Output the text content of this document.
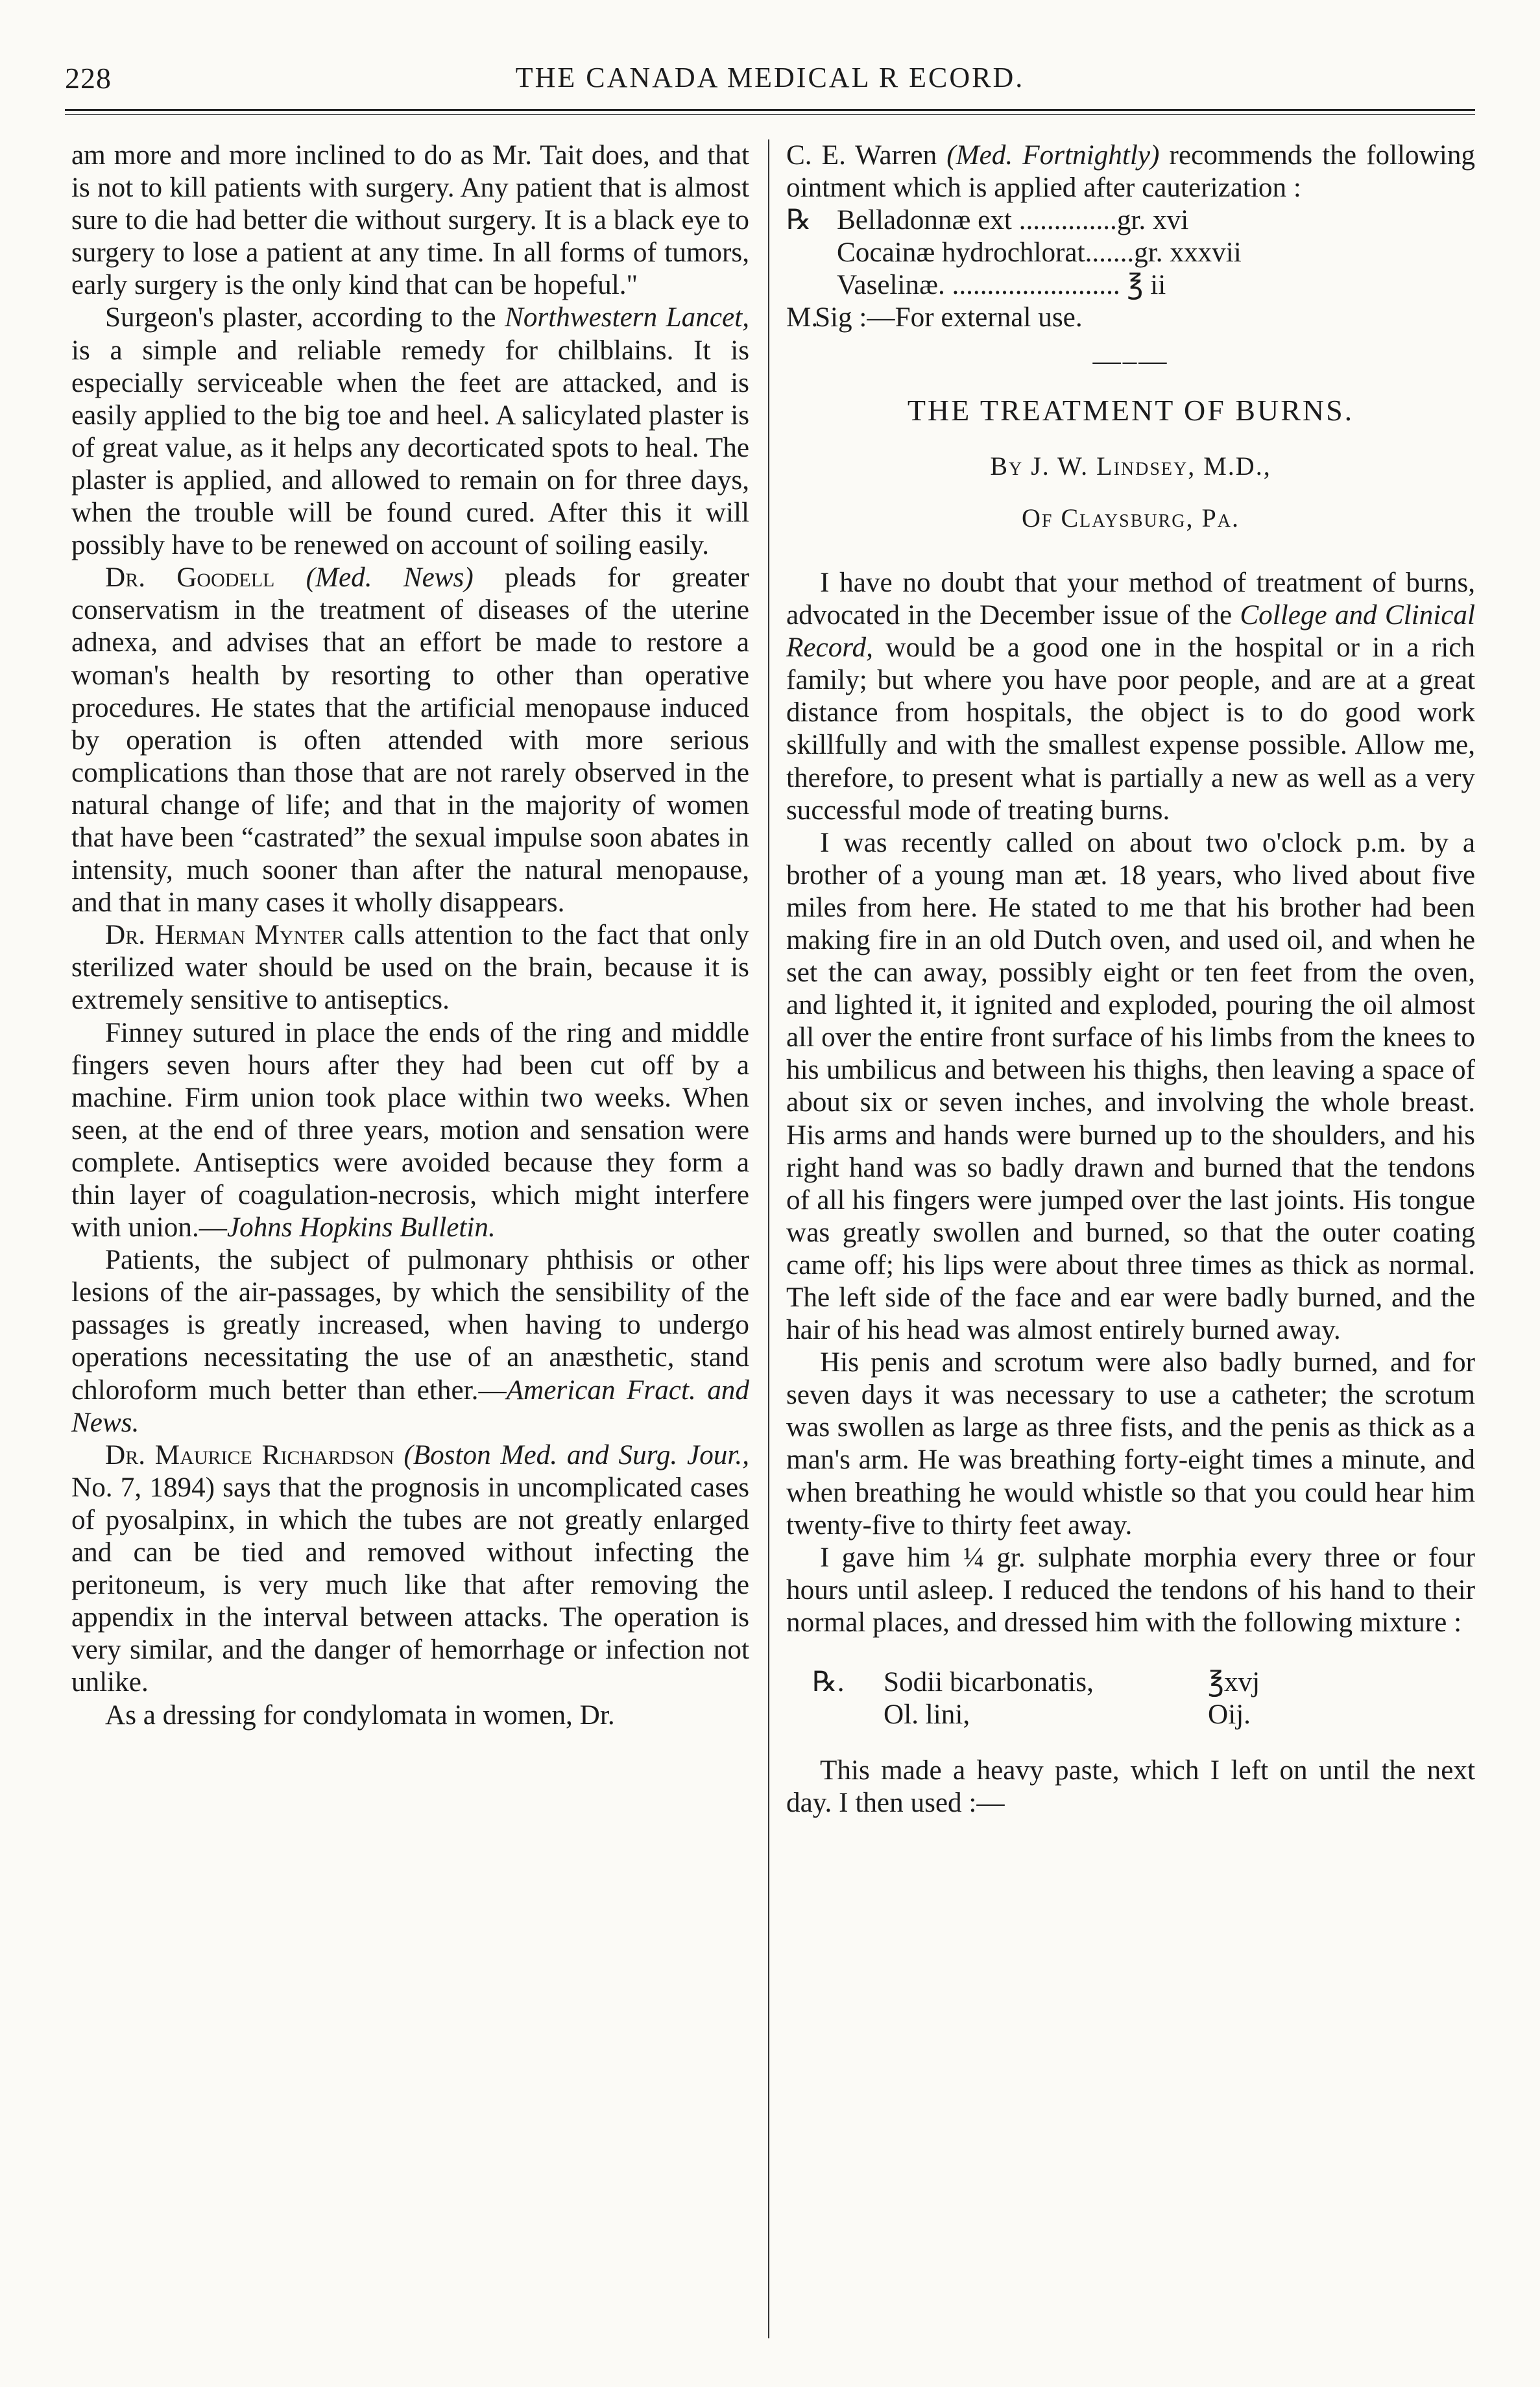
228	THE CANADA MEDICAL R ECORD.

am more and more inclined to do as Mr. Tait does, and that is not to kill patients with surgery. Any patient that is almost sure to die had better die without surgery. It is a black eye to surgery to lose a patient at any time. In all forms of tumors, early surgery is the only kind that can be hopeful."

Surgeon's plaster, according to the Northwestern Lancet, is a simple and reliable remedy for chilblains. It is especially serviceable when the feet are attacked, and is easily applied to the big toe and heel. A salicylated plaster is of great value, as it helps any decorticated spots to heal. The plaster is applied, and allowed to remain on for three days, when the trouble will be found cured. After this it will possibly have to be renewed on account of soiling easily.

Dr. Goodell (Med. News) pleads for greater conservatism in the treatment of diseases of the uterine adnexa, and advises that an effort be made to restore a woman's health by resorting to other than operative procedures. He states that the artificial menopause induced by operation is often attended with more serious complications than those that are not rarely observed in the natural change of life; and that in the majority of women that have been “castrated” the sexual impulse soon abates in intensity, much sooner than after the natural menopause, and that in many cases it wholly disappears.

Dr. Herman Mynter calls attention to the fact that only sterilized water should be used on the brain, because it is extremely sensitive to antiseptics.

Finney sutured in place the ends of the ring and middle fingers seven hours after they had been cut off by a machine. Firm union took place within two weeks. When seen, at the end of three years, motion and sensation were complete. Antiseptics were avoided because they form a thin layer of coagulation-necrosis, which might interfere with union.—Johns Hopkins Bulletin.

Patients, the subject of pulmonary phthisis or other lesions of the air-passages, by which the sensibility of the passages is greatly increased, when having to undergo operations necessitating the use of an anæsthetic, stand chloroform much better than ether.—American Fract. and News.

Dr. Maurice Richardson (Boston Med. and Surg. Jour., No. 7, 1894) says that the prognosis in uncomplicated cases of pyosalpinx, in which the tubes are not greatly enlarged and can be tied and removed without infecting the peritoneum, is very much like that after removing the appendix in the interval between attacks. The operation is very similar, and the danger of hemorrhage or infection not unlike.

As a dressing for condylomata in women, Dr.

C. E. Warren (Med. Fortnightly) recommends the following ointment which is applied after cauterization :

℞ Belladonnæ ext ..............gr. xvi
Cocainæ hydrochlorat.......gr. xxxvii
Vaselinæ. ........................ ℥ ii
M.
Sig :—For external use.
—–—
THE TREATMENT OF BURNS.
By J. W. Lindsey, M.D.,
Of Claysburg, Pa.

I have no doubt that your method of treatment of burns, advocated in the December issue of the College and Clinical Record, would be a good one in the hospital or in a rich family; but where you have poor people, and are at a great distance from hospitals, the object is to do good work skillfully and with the smallest expense possible. Allow me, therefore, to present what is partially a new as well as a very successful mode of treating burns.

I was recently called on about two o'clock p.m. by a brother of a young man æt. 18 years, who lived about five miles from here. He stated to me that his brother had been making fire in an old Dutch oven, and used oil, and when he set the can away, possibly eight or ten feet from the oven, and lighted it, it ignited and exploded, pouring the oil almost all over the entire front surface of his limbs from the knees to his umbilicus and between his thighs, then leaving a space of about six or seven inches, and involving the whole breast. His arms and hands were burned up to the shoulders, and his right hand was so badly drawn and burned that the tendons of all his fingers were jumped over the last joints. His tongue was greatly swollen and burned, so that the outer coating came off; his lips were about three times as thick as normal. The left side of the face and ear were badly burned, and the hair of his head was almost entirely burned away.

His penis and scrotum were also badly burned, and for seven days it was necessary to use a catheter; the scrotum was swollen as large as three fists, and the penis as thick as a man's arm. He was breathing forty-eight times a minute, and when breathing he would whistle so that you could hear him twenty-five to thirty feet away.

I gave him ¼ gr. sulphate morphia every three or four hours until asleep. I reduced the tendons of his hand to their normal places, and dressed him with the following mixture :

℞.	Sodii bicarbonatis,	℥xvj
Ol. lini,	Oij.

This made a heavy paste, which I left on until the next day. I then used :—
